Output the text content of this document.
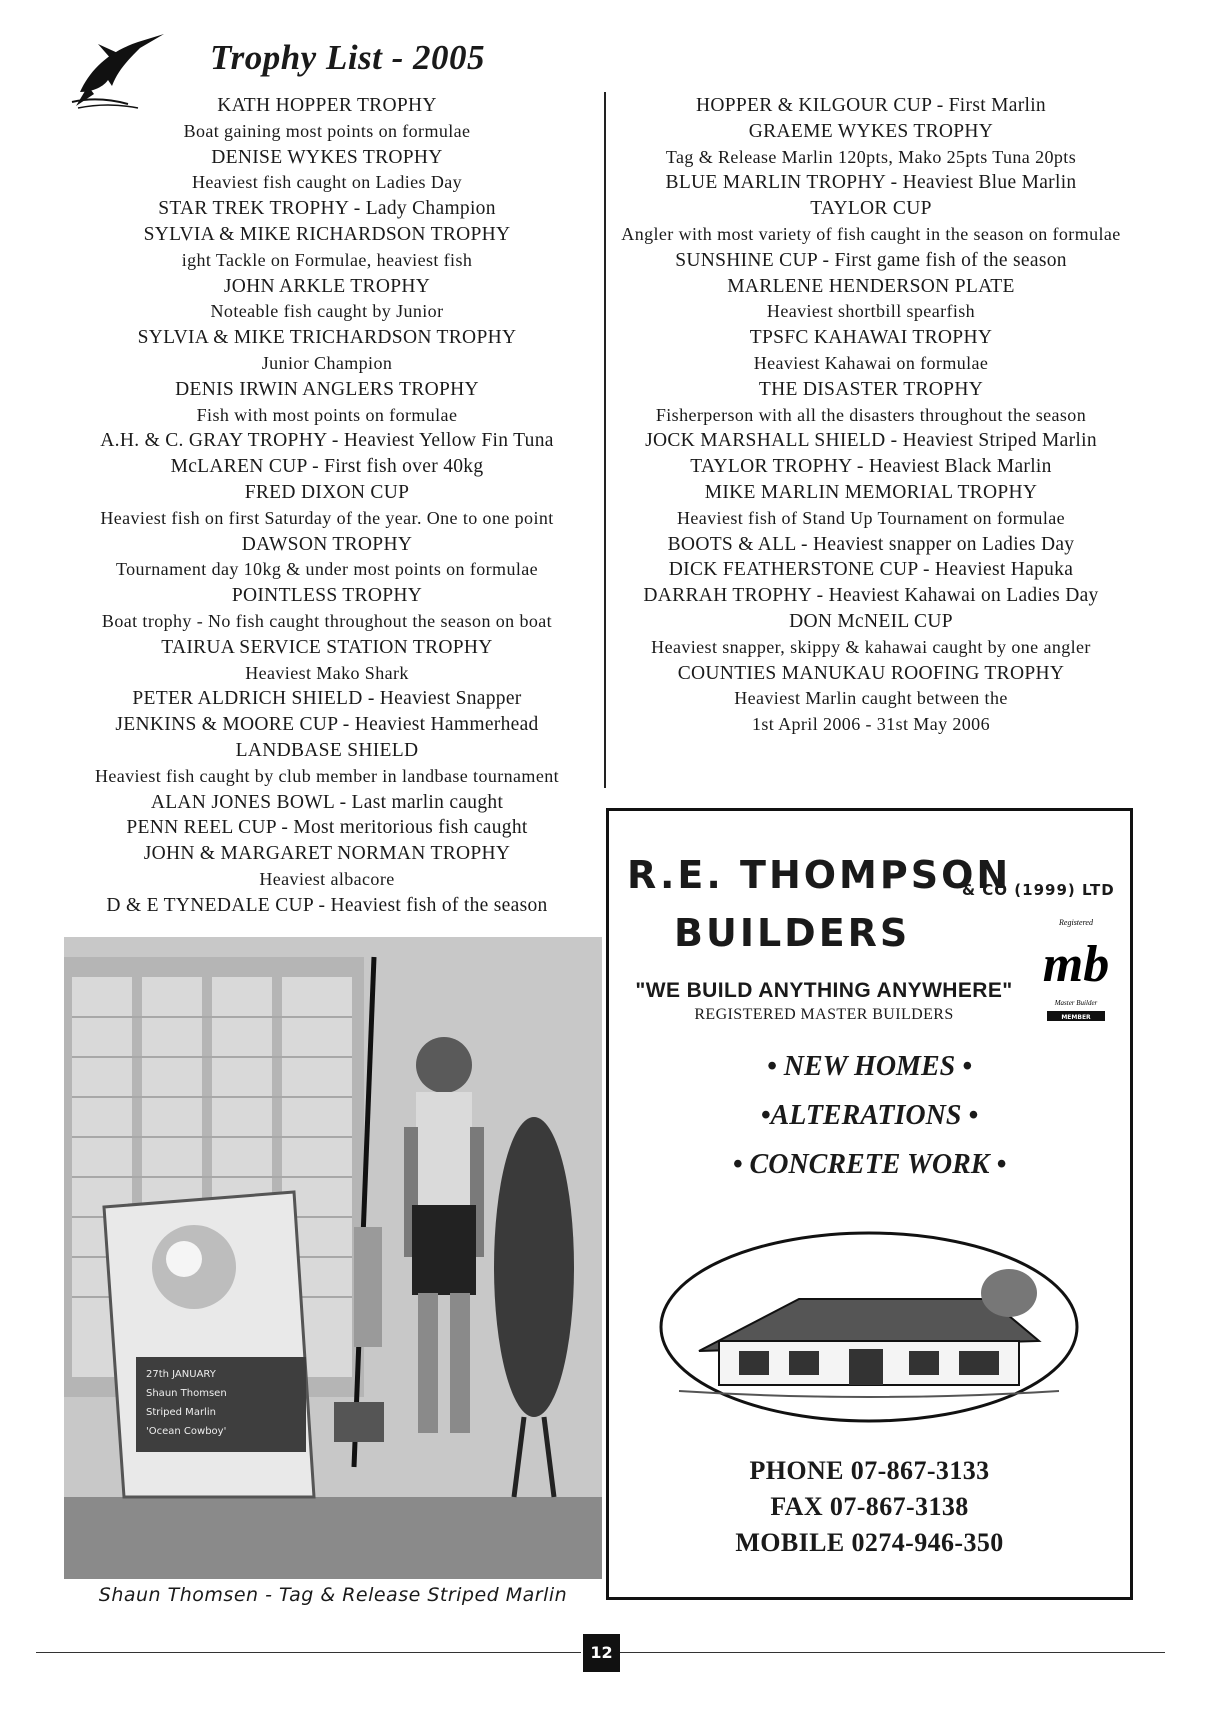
Trophy List - 2005
KATH HOPPER TROPHY
Boat gaining most points on formulae
DENISE WYKES TROPHY
Heaviest fish caught on Ladies Day
STAR TREK TROPHY - Lady Champion
SYLVIA & MIKE RICHARDSON TROPHY
ight Tackle on Formulae, heaviest fish
JOHN ARKLE TROPHY
Noteable fish caught by Junior
SYLVIA & MIKE TRICHARDSON TROPHY
Junior Champion
DENIS IRWIN ANGLERS TROPHY
Fish with most points on formulae
A.H. & C. GRAY TROPHY - Heaviest Yellow Fin Tuna
McLAREN CUP - First fish over 40kg
FRED DIXON CUP
Heaviest fish on first Saturday of the year. One to one point
DAWSON TROPHY
Tournament day 10kg & under most points on formulae
POINTLESS TROPHY
Boat trophy - No fish caught throughout the season on boat
TAIRUA SERVICE STATION TROPHY
Heaviest Mako Shark
PETER ALDRICH SHIELD - Heaviest Snapper
JENKINS & MOORE CUP - Heaviest Hammerhead
LANDBASE SHIELD
Heaviest fish caught by club member in landbase tournament
ALAN JONES BOWL - Last marlin caught
PENN REEL CUP - Most meritorious fish caught
JOHN & MARGARET NORMAN TROPHY
Heaviest albacore
D & E TYNEDALE CUP - Heaviest fish of the season
HOPPER & KILGOUR CUP - First Marlin
GRAEME WYKES TROPHY
Tag & Release Marlin 120pts, Mako 25pts Tuna 20pts
BLUE MARLIN TROPHY - Heaviest Blue Marlin
TAYLOR CUP
Angler with most variety of fish caught in the season on formulae
SUNSHINE CUP - First game fish of the season
MARLENE HENDERSON PLATE
Heaviest shortbill spearfish
TPSFC KAHAWAI TROPHY
Heaviest Kahawai on formulae
THE DISASTER TROPHY
Fisherperson with all the disasters throughout the season
JOCK MARSHALL SHIELD - Heaviest Striped Marlin
TAYLOR TROPHY - Heaviest Black Marlin
MIKE MARLIN MEMORIAL TROPHY
Heaviest fish of Stand Up Tournament on formulae
BOOTS & ALL - Heaviest snapper on Ladies Day
DICK FEATHERSTONE CUP - Heaviest Hapuka
DARRAH TROPHY - Heaviest Kahawai on Ladies Day
DON McNEIL CUP
Heaviest snapper, skippy & kahawai caught by one angler
COUNTIES MANUKAU ROOFING TROPHY
Heaviest Marlin caught between the
1st April 2006 - 31st May 2006
27th JANUARY
Shaun Thomsen
Striped Marlin
'Ocean Cowboy'
Shaun Thomsen - Tag & Release Striped Marlin
R.E. THOMPSON
& CO (1999) LTD
BUILDERS	Registered
mb
Master Builder
MEMBER
"WE BUILD ANYTHING ANYWHERE"
REGISTERED MASTER BUILDERS
• NEW HOMES •
•ALTERATIONS •
• CONCRETE WORK •
PHONE 07-867-3133
FAX 07-867-3138
MOBILE 0274-946-350
12
